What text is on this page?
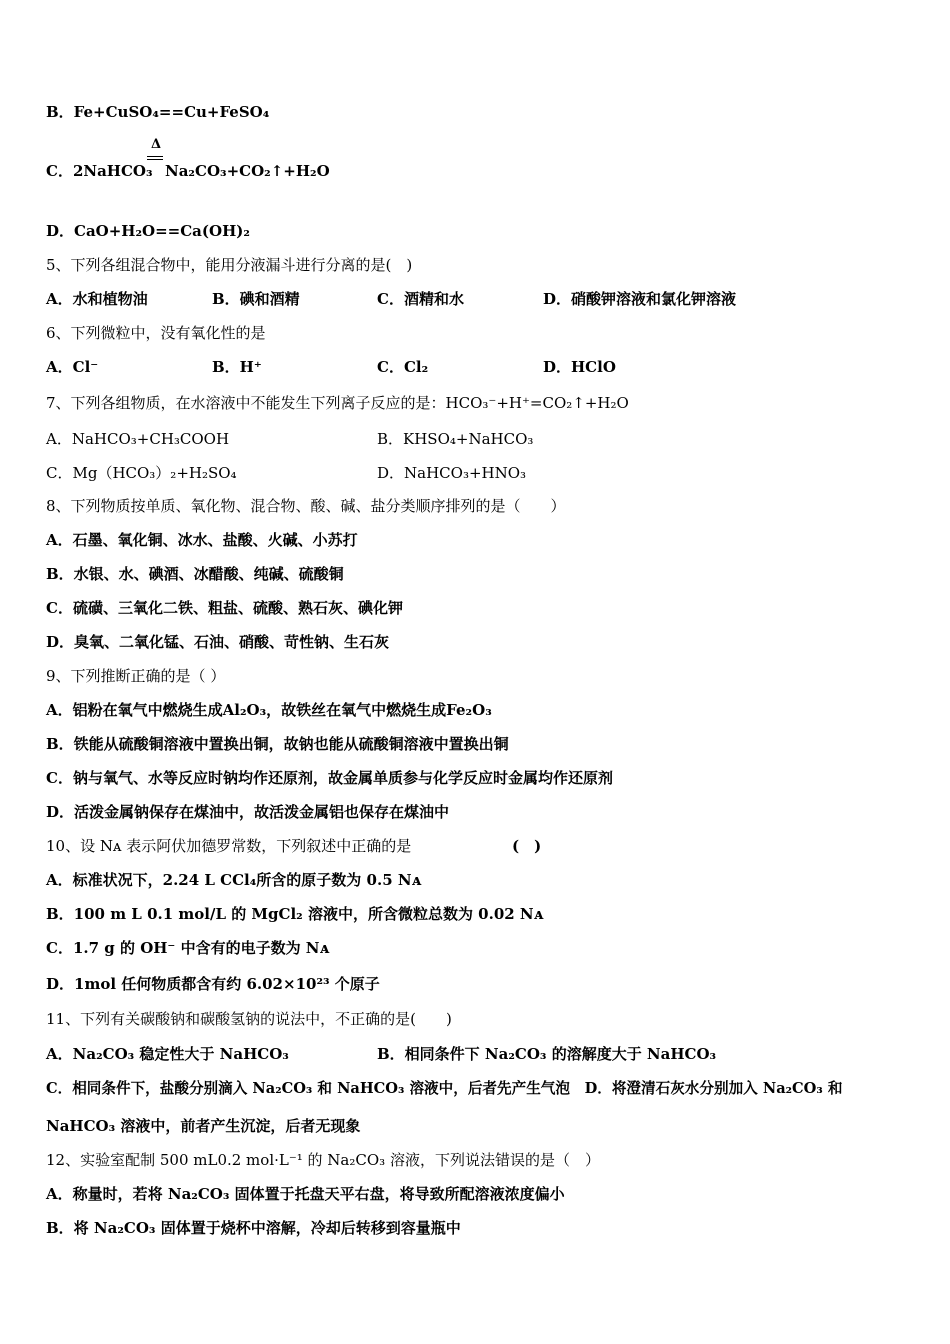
B．Fe+CuSO₄==Cu+FeSO₄
C．2NaHCO₃
Δ
Na₂CO₃+CO₂↑+H₂O
D．CaO+H₂O==Ca(OH)₂
5、下列各组混合物中，能用分液漏斗进行分离的是(　)
A．水和植物油	B．碘和酒精	C．酒精和水	D．硝酸钾溶液和氯化钾溶液
6、下列微粒中，没有氧化性的是
A．Cl⁻	B．H⁺	C．Cl₂	D．HClO
7、下列各组物质，在水溶液中不能发生下列离子反应的是：HCO₃⁻+H⁺=CO₂↑+H₂O
A．NaHCO₃+CH₃COOH	B．KHSO₄+NaHCO₃
C．Mg（HCO₃）₂+H₂SO₄	D．NaHCO₃+HNO₃
8、下列物质按单质、氧化物、混合物、酸、碱、盐分类顺序排列的是（　　）
A．石墨、氧化铜、冰水、盐酸、火碱、小苏打
B．水银、水、碘酒、冰醋酸、纯碱、硫酸铜
C．硫磺、三氧化二铁、粗盐、硫酸、熟石灰、碘化钾
D．臭氧、二氧化锰、石油、硝酸、苛性钠、生石灰
9、下列推断正确的是（ ）
A．铝粉在氧气中燃烧生成Al₂O₃，故铁丝在氧气中燃烧生成Fe₂O₃
B．铁能从硫酸铜溶液中置换出铜，故钠也能从硫酸铜溶液中置换出铜
C．钠与氧气、水等反应时钠均作还原剂，故金属单质参与化学反应时金属均作还原剂
D．活泼金属钠保存在煤油中，故活泼金属铝也保存在煤油中
10、设 Nᴀ 表示阿伏加德罗常数，下列叙述中正确的是	(　)
A．标准状况下，2.24 L CCl₄所含的原子数为 0.5 Nᴀ
B．100 m L 0.1 mol/L 的 MgCl₂ 溶液中，所含微粒总数为 0.02 Nᴀ
C．1.7 g 的 OH⁻ 中含有的电子数为 Nᴀ
D．1mol 任何物质都含有约 6.02×10²³ 个原子
11、下列有关碳酸钠和碳酸氢钠的说法中，不正确的是(　　)
A．Na₂CO₃ 稳定性大于 NaHCO₃	B．相同条件下 Na₂CO₃ 的溶解度大于 NaHCO₃
C．相同条件下，盐酸分别滴入 Na₂CO₃ 和 NaHCO₃ 溶液中，后者先产生气泡　D．将澄清石灰水分别加入 Na₂CO₃ 和
NaHCO₃ 溶液中，前者产生沉淀，后者无现象
12、实验室配制 500 mL0.2 mol·L⁻¹ 的 Na₂CO₃ 溶液，下列说法错误的是（　）
A．称量时，若将 Na₂CO₃ 固体置于托盘天平右盘，将导致所配溶液浓度偏小
B．将 Na₂CO₃ 固体置于烧杯中溶解，冷却后转移到容量瓶中
